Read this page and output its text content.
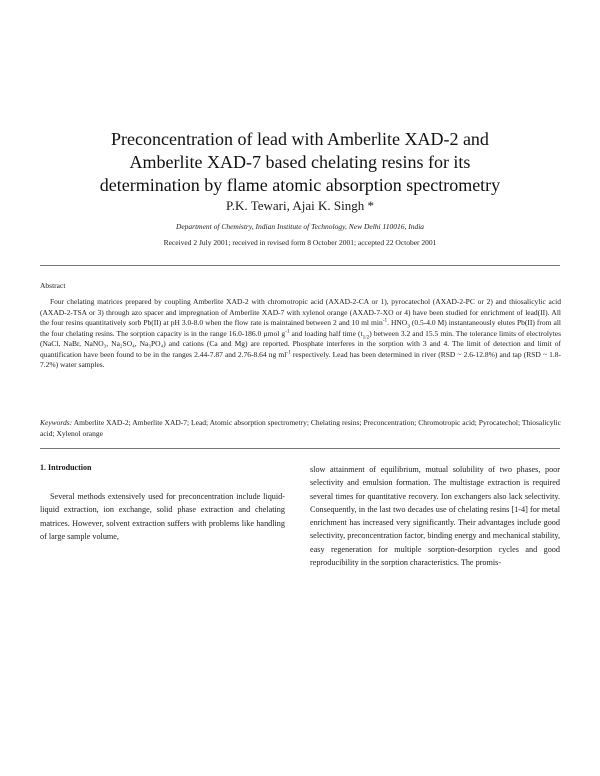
Preconcentration of lead with Amberlite XAD-2 and
Amberlite XAD-7 based chelating resins for its
determination by flame atomic absorption spectrometry
P.K. Tewari, Ajai K. Singh *
Department of Chemistry, Indian Institute of Technology, New Delhi 110016, India
Received 2 July 2001; received in revised form 8 October 2001; accepted 22 October 2001
Abstract

Four chelating matrices prepared by coupling Amberlite XAD-2 with chromotropic acid (AXAD-2-CA or 1), pyrocatechol (AXAD-2-PC or 2) and thiosalicylic acid (AXAD-2-TSA or 3) through azo spacer and impregnation of Amberlite XAD-7 with xylenol orange (AXAD-7-XO or 4) have been studied for enrichment of lead(II). All the four resins quantitatively sorb Pb(II) at pH 3.0-8.0 when the flow rate is maintained between 2 and 10 ml $\min^{-1}$. $HNO_3$ (0.5-4.0 M) instantaneously elutes Pb(II) from all the four chelating resins. The sorption capacity is in the range 16.0-186.0 µmol $g^{-1}$ and loading half time $(t_{1/2})$ between 3.2 and 15.5 min. The tolerance limits of electrolytes (NaCl, NaBr, NaNO₃, Na₂SO₄, Na₃PO₄) and cations (Ca and Mg) are reported. Phosphate interferes in the sorption with 3 and 4. The limit of detection and limit of quantification have been found to be in the ranges 2.44-7.87 and 2.76-8.64 ng $ml^{-1}$ respectively. Lead has been determined in river (RSD ~ 2.6-12.8%) and tap (RSD ~ 1.8-7.2%) water samples.

Keywords: Amberlite XAD-2; Amberlite XAD-7; Lead; Atomic absorption spectrometry; Chelating resins; Preconcentration; Chromotropic acid; Pyrocatechol; Thiosalicylic acid; Xylenol orange

1. Introduction

Several methods extensively used for preconcentration include liquid-liquid extraction, ion exchange, solid phase extraction and chelating matrices. However, solvent extraction suffers with problems like handling of large sample volume,

slow attainment of equilibrium, mutual solubility of two phases, poor selectivity and emulsion formation. The multistage extraction is required several times for quantitative recovery. Ion exchangers also lack selectivity. Consequently, in the last two decades use of chelating resins [1-4] for metal enrichment has increased very significantly. Their advantages include good selectivity, preconcentration factor, binding energy and mechanical stability, easy regeneration for multiple sorption-desorption cycles and good reproducibility in the sorption characteristics. The promis-
